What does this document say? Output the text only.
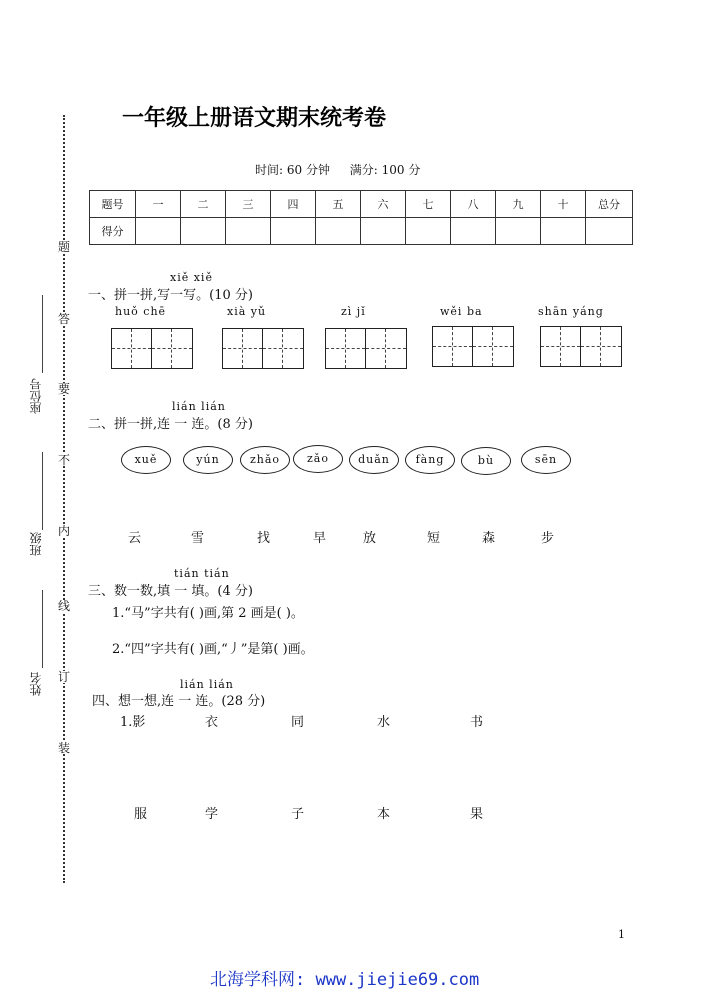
一年级上册语文期末统考卷
时间: 60 分钟 满分: 100 分
题号	一	二	三	四	五	六	七	八	九	十	总分
得分											
题
答
要
不
内
线
订
装
座位号
班级
姓名
xiě xiě
一、拼一拼,写一写。(10 分)
huǒ chē	xià yǔ	zì jǐ	wěi ba	shān yáng
lián lián
二、拼一拼,连 一 连。(8 分)
xuě	yún	zhǎo	zǎo	duǎn	fàng	bù	sēn
云	雪	找	早	放	短	森	步
tián tián
三、数一数,填 一 填。(4 分)
1.“马”字共有( )画,第 2 画是( )。
2.“四”字共有( )画,“丿”是第( )画。
lián lián
四、想一想,连 一 连。(28 分)
1.影	衣	同	水	书
服	学	子	本	果
1
北海学科网: www.jiejie69.com
